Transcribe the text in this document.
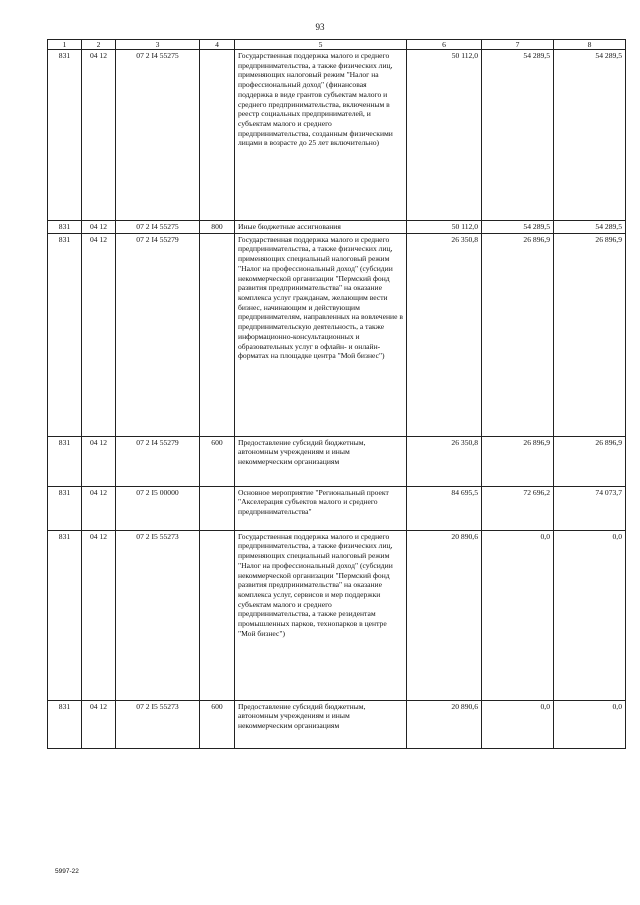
93
1	2	3	4	5	6	7	8
831	04 12	07 2 I4 55275		Государственная поддержка малого и среднего предпринимательства, а также физических лиц, применяющих налоговый режим "Налог на профессиональный доход" (финансовая поддержка в виде грантов субъектам малого и среднего предпринимательства, включенным в реестр социальных предпринимателей, и субъектам малого и среднего предпринимательства, созданным физическими лицами в возрасте до 25 лет включительно)	50 112,0	54 289,5	54 289,5
831	04 12	07 2 I4 55275	800	Иные бюджетные ассигнования	50 112,0	54 289,5	54 289,5
831	04 12	07 2 I4 55279		Государственная поддержка малого и среднего предпринимательства, а также физических лиц, применяющих специальный налоговый режим "Налог на профессиональный доход" (субсидии некоммерческой организации "Пермский фонд развития предпринимательства" на оказание комплекса услуг гражданам, желающим вести бизнес, начинающим и действующим предпринимателям, направленных на вовлечение в предпринимательскую деятельность, а также информационно-консультационных и образовательных услуг в офлайн- и онлайн-форматах на площадке центра "Мой бизнес")	26 350,8	26 896,9	26 896,9
831	04 12	07 2 I4 55279	600	Предоставление субсидий бюджетным, автономным учреждениям и иным некоммерческим организациям	26 350,8	26 896,9	26 896,9
831	04 12	07 2 I5 00000		Основное мероприятие "Региональный проект "Акселерация субъектов малого и среднего предпринимательства"	84 695,5	72 696,2	74 073,7
831	04 12	07 2 I5 55273		Государственная поддержка малого и среднего предпринимательства, а также физических лиц, применяющих специальный налоговый режим "Налог на профессиональный доход" (субсидии некоммерческой организации "Пермский фонд развития предпринимательства" на оказание комплекса услуг, сервисов и мер поддержки субъектам малого и среднего предпринимательства, а также резидентам промышленных парков, технопарков в центре "Мой бизнес")	20 890,6	0,0	0,0
831	04 12	07 2 I5 55273	600	Предоставление субсидий бюджетным, автономным учреждениям и иным некоммерческим организациям	20 890,6	0,0	0,0
5997-22
